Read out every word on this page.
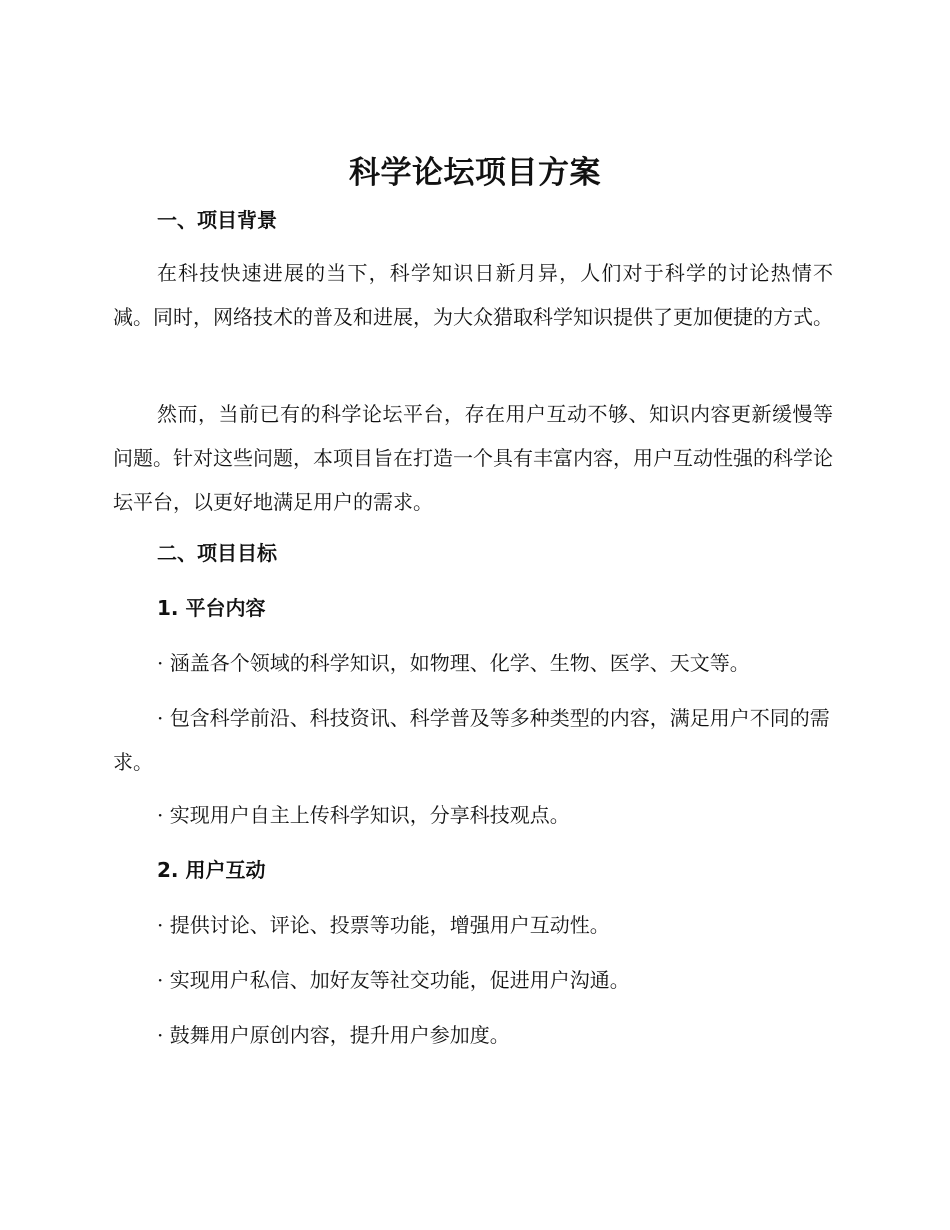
科学论坛项目方案
一、项目背景
在科技快速进展的当下，科学知识日新月异，人们对于科学的讨论热情不减。同时，网络技术的普及和进展，为大众猎取科学知识提供了更加便捷的方式。
然而，当前已有的科学论坛平台，存在用户互动不够、知识内容更新缓慢等问题。针对这些问题，本项目旨在打造一个具有丰富内容，用户互动性强的科学论坛平台，以更好地满足用户的需求。
二、项目目标
1. 平台内容
· 涵盖各个领域的科学知识，如物理、化学、生物、医学、天文等。
· 包含科学前沿、科技资讯、科学普及等多种类型的内容，满足用户不同的需求。
· 实现用户自主上传科学知识，分享科技观点。
2. 用户互动
· 提供讨论、评论、投票等功能，增强用户互动性。
· 实现用户私信、加好友等社交功能，促进用户沟通。
· 鼓舞用户原创内容，提升用户参加度。
